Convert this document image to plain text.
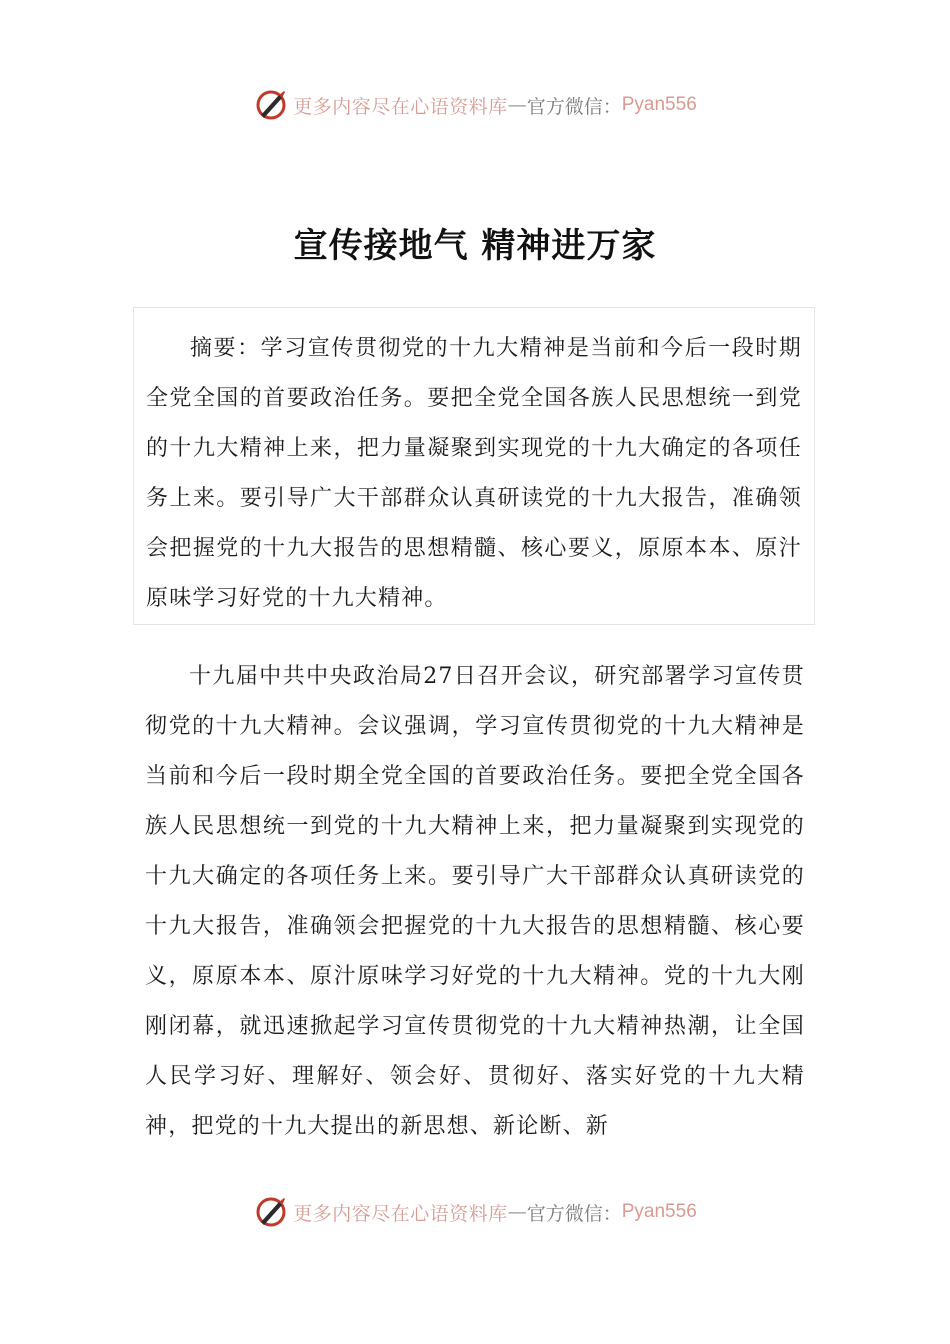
更多内容尽在心语资料库 — 官方微信： Pyan556
宣传接地气 精神进万家

摘要：学习宣传贯彻党的十九大精神是当前和今后一段时期全党全国的首要政治任务。要把全党全国各族人民思想统一到党的十九大精神上来，把力量凝聚到实现党的十九大确定的各项任务上来。要引导广大干部群众认真研读党的十九大报告，准确领会把握党的十九大报告的思想精髓、核心要义，原原本本、原汁原味学习好党的十九大精神。

十九届中共中央政治局27日召开会议，研究部署学习宣传贯彻党的十九大精神。会议强调，学习宣传贯彻党的十九大精神是当前和今后一段时期全党全国的首要政治任务。要把全党全国各族人民思想统一到党的十九大精神上来，把力量凝聚到实现党的十九大确定的各项任务上来。要引导广大干部群众认真研读党的十九大报告，准确领会把握党的十九大报告的思想精髓、核心要义，原原本本、原汁原味学习好党的十九大精神。党的十九大刚刚闭幕，就迅速掀起学习宣传贯彻党的十九大精神热潮，让全国人民学习好、理解好、领会好、贯彻好、落实好党的十九大精神，把党的十九大提出的新思想、新论断、新

更多内容尽在心语资料库 — 官方微信： Pyan556
